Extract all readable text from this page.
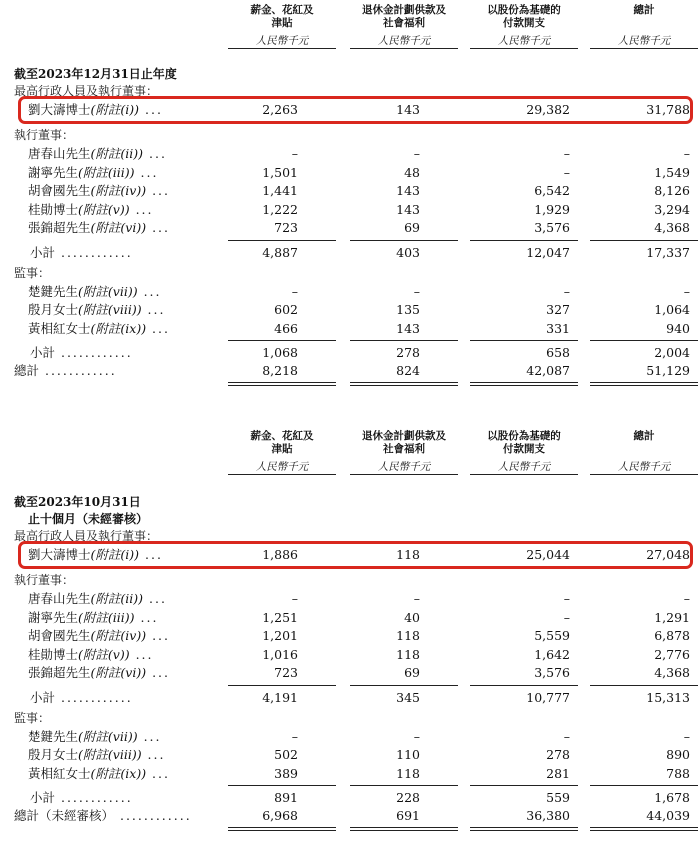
薪金、花紅及
津貼
人民幣千元
退休金計劃供款及
社會福利
人民幣千元
以股份為基礎的
付款開支
人民幣千元
總計
人民幣千元
截至2023年12月31日止年度
最高行政人員及執行董事：
劉大濤博士(附註(i)) ...	2,263	143	29,382	31,788
執行董事：
唐春山先生(附註(ii)) ...	–	–	–	–
謝寧先生(附註(iii)) ...	1,501	48	–	1,549
胡會國先生(附註(iv)) ...	1,441	143	6,542	8,126
桂勛博士(附註(v)) ...	1,222	143	1,929	3,294
張錦超先生(附註(vi)) ...	723	69	3,576	4,368
小計 ............	4,887	403	12,047	17,337
監事：
楚鍵先生(附註(vii)) ...	–	–	–	–
殷月女士(附註(viii)) ...	602	135	327	1,064
黃相紅女士(附註(ix)) ...	466	143	331	940
小計 ............	1,068	278	658	2,004
總計 ............	8,218	824	42,087	51,129
薪金、花紅及
津貼
人民幣千元
退休金計劃供款及
社會福利
人民幣千元
以股份為基礎的
付款開支
人民幣千元
總計
人民幣千元
截至2023年10月31日
止十個月（未經審核）
最高行政人員及執行董事：
劉大濤博士(附註(i)) ...	1,886	118	25,044	27,048
執行董事：
唐春山先生(附註(ii)) ...	–	–	–	–
謝寧先生(附註(iii)) ...	1,251	40	–	1,291
胡會國先生(附註(iv)) ...	1,201	118	5,559	6,878
桂勛博士(附註(v)) ...	1,016	118	1,642	2,776
張錦超先生(附註(vi)) ...	723	69	3,576	4,368
小計 ............	4,191	345	10,777	15,313
監事：
楚鍵先生(附註(vii)) ...	–	–	–	–
殷月女士(附註(viii)) ...	502	110	278	890
黃相紅女士(附註(ix)) ...	389	118	281	788
小計 ............	891	228	559	1,678
總計（未經審核） ............	6,968	691	36,380	44,039
